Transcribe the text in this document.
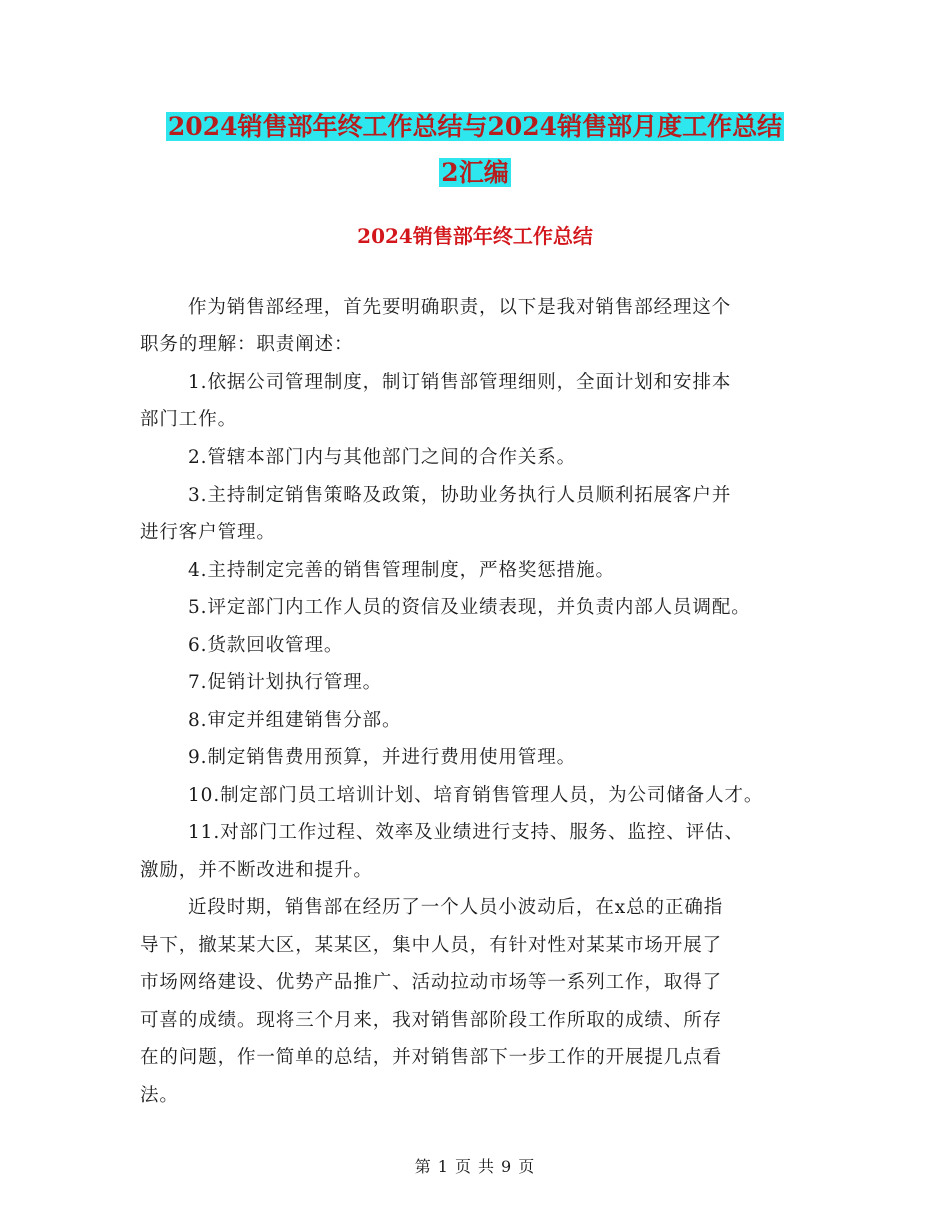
2024销售部年终工作总结与2024销售部月度工作总结
2汇编
2024销售部年终工作总结
作为销售部经理，首先要明确职责，以下是我对销售部经理这个
职务的理解：职责阐述：
1.依据公司管理制度，制订销售部管理细则，全面计划和安排本
部门工作。
2.管辖本部门内与其他部门之间的合作关系。
3.主持制定销售策略及政策，协助业务执行人员顺利拓展客户并
进行客户管理。
4.主持制定完善的销售管理制度，严格奖惩措施。
5.评定部门内工作人员的资信及业绩表现，并负责内部人员调配。
6.货款回收管理。
7.促销计划执行管理。
8.审定并组建销售分部。
9.制定销售费用预算，并进行费用使用管理。
10.制定部门员工培训计划、培育销售管理人员，为公司储备人才。
11.对部门工作过程、效率及业绩进行支持、服务、监控、评估、
激励，并不断改进和提升。
近段时期，销售部在经历了一个人员小波动后，在x总的正确指
导下，撤某某大区，某某区，集中人员，有针对性对某某市场开展了
市场网络建设、优势产品推广、活动拉动市场等一系列工作，取得了
可喜的成绩。现将三个月来，我对销售部阶段工作所取的成绩、所存
在的问题，作一简单的总结，并对销售部下一步工作的开展提几点看
法。
第 1 页 共 9 页
